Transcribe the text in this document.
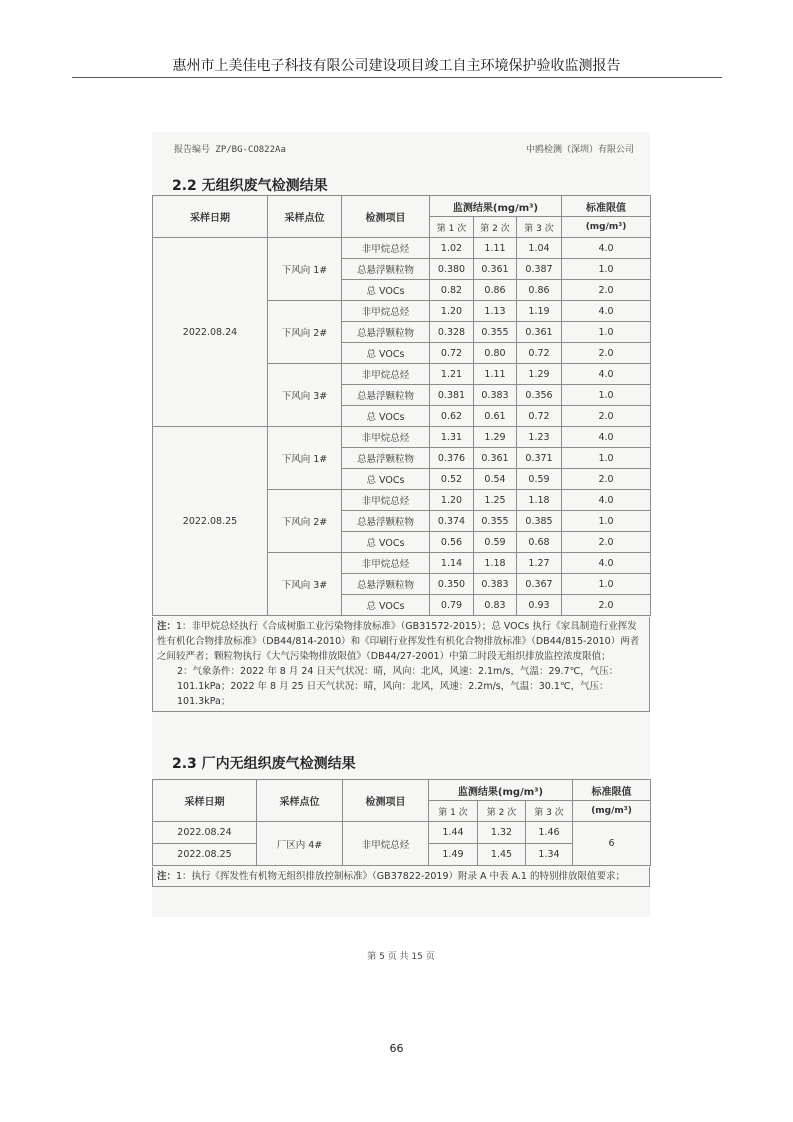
惠州市上美佳电子科技有限公司建设项目竣工自主环境保护验收监测报告
报告编号 ZP/BG-CO822Aa	中鸥检测（深圳）有限公司
2.2 无组织废气检测结果
采样日期	采样点位	检测项目	监测结果(mg/m³)			标准限值
			第 1 次	第 2 次	第 3 次	(mg/m³)
2022.08.24	下风向 1#	非甲烷总烃	1.02	1.11	1.04	4.0
		总悬浮颗粒物	0.380	0.361	0.387	1.0
		总 VOCs	0.82	0.86	0.86	2.0
	下风向 2#	非甲烷总烃	1.20	1.13	1.19	4.0
		总悬浮颗粒物	0.328	0.355	0.361	1.0
		总 VOCs	0.72	0.80	0.72	2.0
	下风向 3#	非甲烷总烃	1.21	1.11	1.29	4.0
		总悬浮颗粒物	0.381	0.383	0.356	1.0
		总 VOCs	0.62	0.61	0.72	2.0
2022.08.25	下风向 1#	非甲烷总烃	1.31	1.29	1.23	4.0
		总悬浮颗粒物	0.376	0.361	0.371	1.0
		总 VOCs	0.52	0.54	0.59	2.0
	下风向 2#	非甲烷总烃	1.20	1.25	1.18	4.0
		总悬浮颗粒物	0.374	0.355	0.385	1.0
		总 VOCs	0.56	0.59	0.68	2.0
	下风向 3#	非甲烷总烃	1.14	1.18	1.27	4.0
		总悬浮颗粒物	0.350	0.383	0.367	1.0
		总 VOCs	0.79	0.83	0.93	2.0

注：1：非甲烷总烃执行《合成树脂工业污染物排放标准》（GB31572-2015）；总 VOCs 执行《家具制造行业挥发性有机化合物排放标准》（DB44/814-2010）和《印刷行业挥发性有机化合物排放标准》（DB44/815-2010）两者之间较严者；颗粒物执行《大气污染物排放限值》（DB44/27-2001）中第二时段无组织排放监控浓度限值；

2：气象条件：2022 年 8 月 24 日天气状况：晴，风向：北风，风速：2.1m/s，气温：29.7℃，气压：101.1kPa；2022 年 8 月 25 日天气状况：晴，风向：北风，风速：2.2m/s，气温：30.1℃，气压：101.3kPa；

2.3 厂内无组织废气检测结果
采样日期	采样点位	检测项目	监测结果(mg/m³)			标准限值
			第 1 次	第 2 次	第 3 次	(mg/m³)
2022.08.24	厂区内 4#	非甲烷总烃	1.44	1.32	1.46	6
2022.08.25			1.49	1.45	1.34	

注：1：执行《挥发性有机物无组织排放控制标准》（GB37822-2019）附录 A 中表 A.1 的特别排放限值要求；

第 5 页 共 15 页
66
